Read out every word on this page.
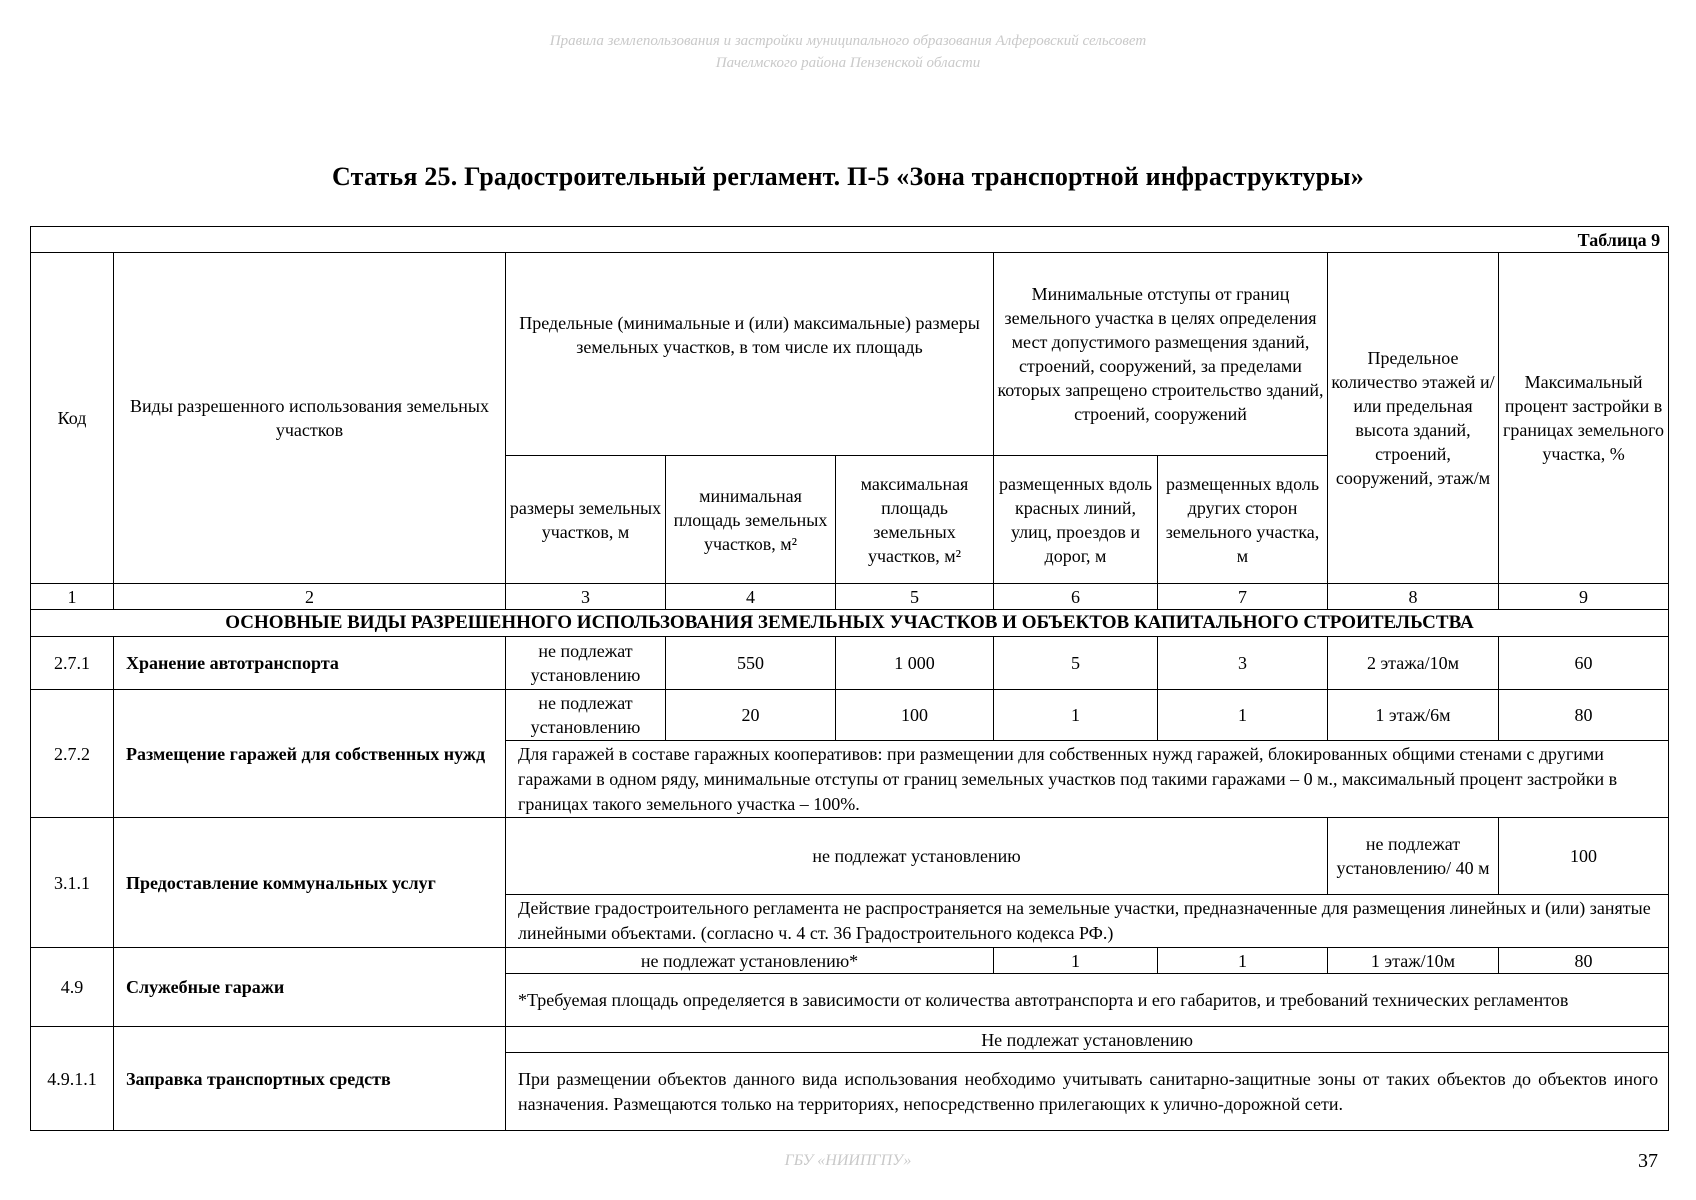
Правила землепользования и застройки муниципального образования Алферовский сельсовет
Пачелмского района Пензенской области
Статья 25. Градостроительный регламент. П-5 «Зона транспортной инфраструктуры»
Таблица 9								
Код	Виды разрешенного использования земельных участков	Предельные (минимальные и (или) максимальные) размеры земельных участков, в том числе их площадь			Минимальные отступы от границ земельного участка в целях определения мест допустимого размещения зданий, строений, сооружений, за пределами которых запрещено строительство зданий, строений, сооружений		Предельное количество этажей и/или предельная высота зданий, строений, сооружений, этаж/м	Максимальный процент застройки в границах земельного участка, %
		размеры земельных участков, м	минимальная площадь земельных участков, м²	максимальная площадь земельных участков, м²	размещенных вдоль красных линий, улиц, проездов и дорог, м	размещенных вдоль других сторон земельного участка, м		
1	2	3	4	5	6	7	8	9
ОСНОВНЫЕ ВИДЫ РАЗРЕШЕННОГО ИСПОЛЬЗОВАНИЯ ЗЕМЕЛЬНЫХ УЧАСТКОВ И ОБЪЕКТОВ КАПИТАЛЬНОГО СТРОИТЕЛЬСТВА								
2.7.1	Хранение автотранспорта	не подлежат установлению	550	1 000	5	3	2 этажа/10м	60
2.7.2	Размещение гаражей для собственных нужд	не подлежат установлению	20	100	1	1	1 этаж/6м	80
		Для гаражей в составе гаражных кооперативов: при размещении для собственных нужд гаражей, блокированных общими стенами с другими гаражами в одном ряду, минимальные отступы от границ земельных участков под такими гаражами – 0 м., максимальный процент застройки в границах такого земельного участка – 100%.						
3.1.1	Предоставление коммунальных услуг	не подлежат установлению					не подлежат установлению/ 40 м	100
		Действие градостроительного регламента не распространяется на земельные участки, предназначенные для размещения линейных и (или) занятые линейными объектами. (согласно ч. 4 ст. 36 Градостроительного кодекса РФ.)						
4.9	Служебные гаражи	не подлежат установлению*			1	1	1 этаж/10м	80
		*Требуемая площадь определяется в зависимости от количества автотранспорта и его габаритов, и требований технических регламентов						
4.9.1.1	Заправка транспортных средств	Не подлежат установлению						
		При размещении объектов данного вида использования необходимо учитывать санитарно-защитные зоны от таких объектов до объектов иного назначения. Размещаются только на территориях, непосредственно прилегающих к улично-дорожной сети.						
ГБУ «НИИПГПУ»	37
